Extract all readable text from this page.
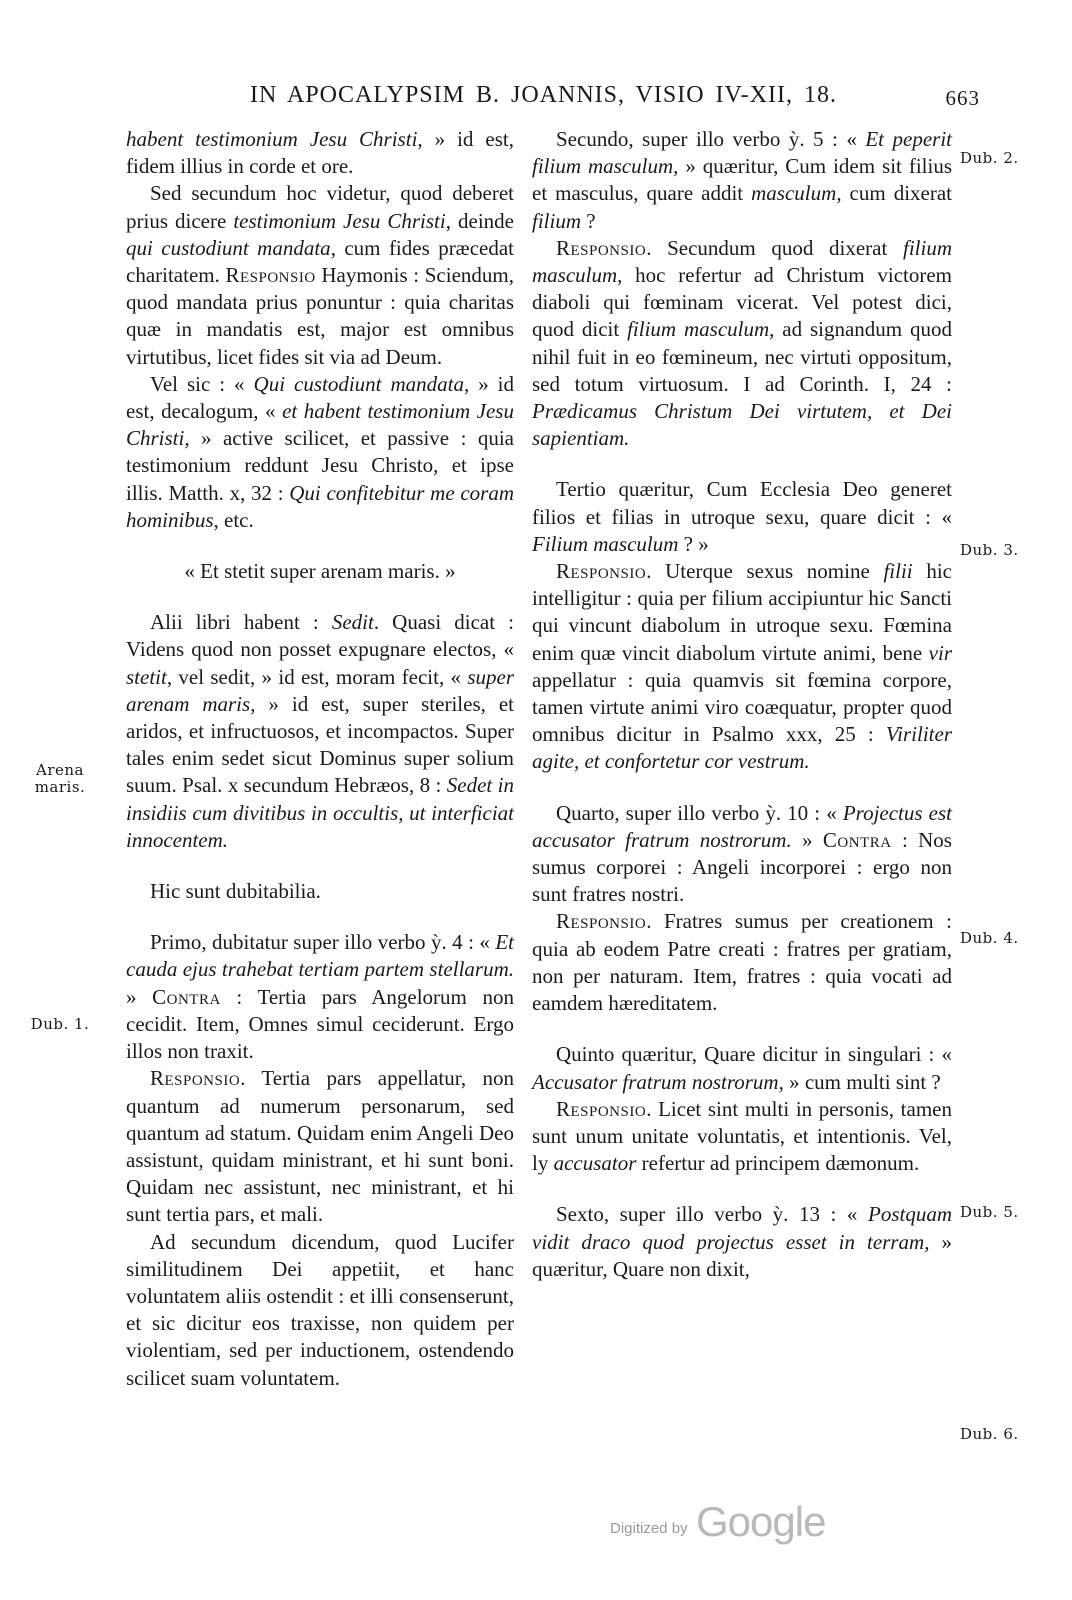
IN APOCALYPSIM B. JOANNIS, VISIO IV-XII, 18.	663

habent testimonium Jesu Christi, » id est, fidem illius in corde et ore.

Sed secundum hoc videtur, quod deberet prius dicere testimonium Jesu Christi, deinde qui custodiunt mandata, cum fides præcedat charitatem. Responsio Haymonis : Sciendum, quod mandata prius ponuntur : quia charitas quæ in mandatis est, major est omnibus virtutibus, licet fides sit via ad Deum.

Vel sic : « Qui custodiunt mandata, » id est, decalogum, « et habent testimonium Jesu Christi, » active scilicet, et passive : quia testimonium reddunt Jesu Christo, et ipse illis. Matth. x, 32 : Qui confitebitur me coram hominibus, etc.

« Et stetit super arenam maris. »

Alii libri habent : Sedit. Quasi dicat : Videns quod non posset expugnare electos, « stetit, vel sedit, » id est, moram fecit, « super arenam maris, » id est, super steriles, et aridos, et infructuosos, et incompactos. Super tales enim sedet sicut Dominus super solium suum. Psal. x secundum Hebræos, 8 : Sedet in insidiis cum divitibus in occultis, ut interficiat innocentem.

Hic sunt dubitabilia.

Primo, dubitatur super illo verbo ỳ. 4 : « Et cauda ejus trahebat tertiam partem stellarum. » Contra : Tertia pars Angelorum non cecidit. Item, Omnes simul ceciderunt. Ergo illos non traxit.

Responsio. Tertia pars appellatur, non quantum ad numerum personarum, sed quantum ad statum. Quidam enim Angeli Deo assistunt, quidam ministrant, et hi sunt boni. Quidam nec assistunt, nec ministrant, et hi sunt tertia pars, et mali.

Ad secundum dicendum, quod Lucifer similitudinem Dei appetiit, et hanc voluntatem aliis ostendit : et illi consenserunt, et sic dicitur eos traxisse, non quidem per violentiam, sed per inductionem, ostendendo scilicet suam voluntatem.

Secundo, super illo verbo ỳ. 5 : « Et peperit filium masculum, » quæritur, Cum idem sit filius et masculus, quare addit masculum, cum dixerat filium ?

Responsio. Secundum quod dixerat filium masculum, hoc refertur ad Christum victorem diaboli qui fœminam vicerat. Vel potest dici, quod dicit filium masculum, ad signandum quod nihil fuit in eo fœmineum, nec virtuti oppositum, sed totum virtuosum. I ad Corinth. I, 24 : Prædicamus Christum Dei virtutem, et Dei sapientiam.

Tertio quæritur, Cum Ecclesia Deo generet filios et filias in utroque sexu, quare dicit : « Filium masculum ? »

Responsio. Uterque sexus nomine filii hic intelligitur : quia per filium accipiuntur hic Sancti qui vincunt diabolum in utroque sexu. Fœmina enim quæ vincit diabolum virtute animi, bene vir appellatur : quia quamvis sit fœmina corpore, tamen virtute animi viro coæquatur, propter quod omnibus dicitur in Psalmo xxx, 25 : Viriliter agite, et confortetur cor vestrum.

Quarto, super illo verbo ỳ. 10 : « Projectus est accusator fratrum nostrorum. » Contra : Nos sumus corporei : Angeli incorporei : ergo non sunt fratres nostri.

Responsio. Fratres sumus per creationem : quia ab eodem Patre creati : fratres per gratiam, non per naturam. Item, fratres : quia vocati ad eamdem hæreditatem.

Quinto quæritur, Quare dicitur in singulari : « Accusator fratrum nostrorum, » cum multi sint ?

Responsio. Licet sint multi in personis, tamen sunt unum unitate voluntatis, et intentionis. Vel, ly accusator refertur ad principem dæmonum.

Sexto, super illo verbo ỳ. 13 : « Postquam vidit draco quod projectus esset in terram, » quæritur, Quare non dixit,

Arena maris.
Dub. 1.
Dub. 2.
Dub. 3.
Dub. 4.
Dub. 5.
Dub. 6.
Digitized by Google
